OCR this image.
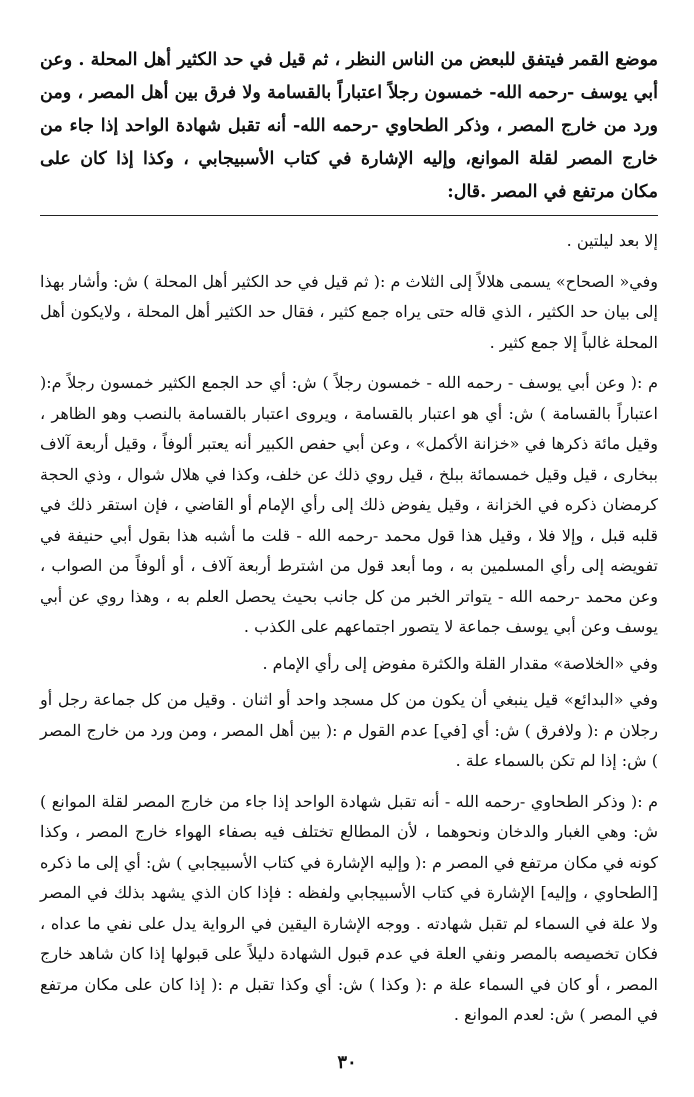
موضع القمر فيتفق للبعض من الناس النظر ، ثم قيل في حد الكثير أهل المحلة . وعن أبي يوسف -رحمه الله- خمسون رجلاً اعتباراً بالقسامة ولا فرق بين أهل المصر ، ومن ورد من خارج المصر ، وذكر الطحاوي -رحمه الله- أنه تقبل شهادة الواحد إذا جاء من خارج المصر لقلة الموانع، وإليه الإشارة في كتاب الأسبيجابي ، وكذا إذا كان على مكان مرتفع في المصر .قال:

إلا بعد ليلتين .

وفي« الصحاح» يسمى هلالاً إلى الثلاث م :( ثم قيل في حد الكثير أهل المحلة ) ش: وأشار بهذا إلى بيان حد الكثير ، الذي قاله حتى يراه جمع كثير ، فقال حد الكثير أهل المحلة ، ولايكون أهل المحلة غالباً إلا جمع كثير .

م :( وعن أبي يوسف - رحمه الله - خمسون رجلاً ) ش: أي حد الجمع الكثير خمسون رجلاً م:( اعتباراً بالقسامة ) ش: أي هو اعتبار بالقسامة ، ويروى اعتبار بالقسامة بالنصب وهو الظاهر ، وقيل مائة ذكرها في «خزانة الأكمل» ، وعن أبي حفص الكبير أنه يعتبر ألوفاً ، وقيل أربعة آلاف ببخارى ، قيل وقيل خمسمائة ببلخ ، قيل روي ذلك عن خلف، وكذا في هلال شوال ، وذي الحجة كرمضان ذكره في الخزانة ، وقيل يفوض ذلك إلى رأي الإمام أو القاضي ، فإن استقر ذلك في قلبه قبل ، وإلا فلا ، وقيل هذا قول محمد -رحمه الله - قلت ما أشبه هذا بقول أبي حنيفة في تفويضه إلى رأي المسلمين به ، وما أبعد قول من اشترط أربعة آلاف ، أو ألوفاً من الصواب ، وعن محمد -رحمه الله - يتواتر الخبر من كل جانب بحيث يحصل العلم به ، وهذا روي عن أبي يوسف وعن أبي يوسف جماعة لا يتصور اجتماعهم على الكذب .

وفي «الخلاصة» مقدار القلة والكثرة مفوض إلى رأي الإمام .

وفي «البدائع» قيل ينبغي أن يكون من كل مسجد واحد أو اثنان . وقيل من كل جماعة رجل أو رجلان م :( ولافرق ) ش: أي [في] عدم القول م :( بين أهل المصر ، ومن ورد من خارج المصر ) ش: إذا لم تكن بالسماء علة .

م :( وذكر الطحاوي -رحمه الله - أنه تقبل شهادة الواحد إذا جاء من خارج المصر لقلة الموانع ) ش: وهي الغبار والدخان ونحوهما ، لأن المطالع تختلف فيه بصفاء الهواء خارج المصر ، وكذا كونه في مكان مرتفع في المصر م :( وإليه الإشارة في كتاب الأسبيجابي ) ش: أي إلى ما ذكره [الطحاوي ، وإليه] الإشارة في كتاب الأسبيجابي ولفظه : فإذا كان الذي يشهد بذلك في المصر ولا علة في السماء لم تقبل شهادته . ووجه الإشارة اليقين في الرواية يدل على نفي ما عداه ، فكان تخصيصه بالمصر ونفي العلة في عدم قبول الشهادة دليلاً على قبولها إذا كان شاهد خارج المصر ، أو كان في السماء علة م :( وكذا ) ش: أي وكذا تقبل م :( إذا كان على مكان مرتفع في المصر ) ش: لعدم الموانع .

٣٠
